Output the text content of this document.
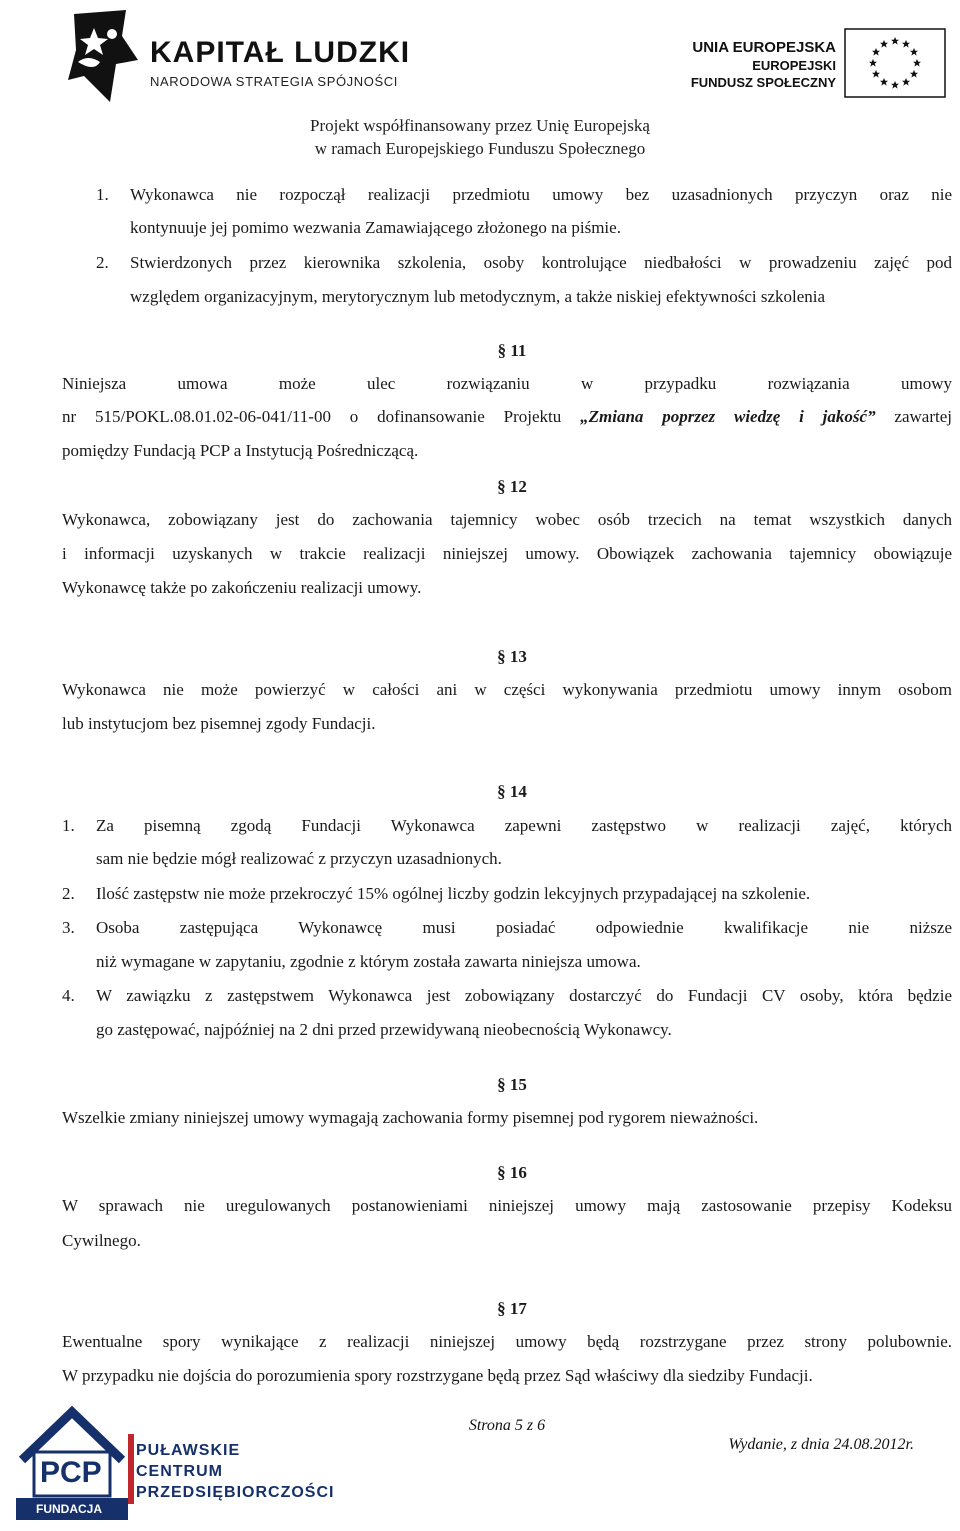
KAPITAŁ LUDZKI
NARODOWA STRATEGIA SPÓJNOŚCI
UNIA EUROPEJSKA
EUROPEJSKI
FUNDUSZ SPOŁECZNY
Projekt współfinansowany przez Unię Europejską
w ramach Europejskiego Funduszu Społecznego
1. Wykonawca nie rozpoczął realizacji przedmiotu umowy bez uzasadnionych przyczyn oraz nie
kontynuuje jej pomimo wezwania Zamawiającego złożonego na piśmie.
2. Stwierdzonych przez kierownika szkolenia, osoby kontrolujące niedbałości w prowadzeniu zajęć pod
względem organizacyjnym, merytorycznym lub metodycznym, a także niskiej efektywności szkolenia
§ 11
Niniejsza umowa może ulec rozwiązaniu w przypadku rozwiązania umowy
nr 515/POKL.08.01.02-06-041/11-00 o dofinansowanie Projektu „Zmiana poprzez wiedzę i jakość” zawartej
pomiędzy Fundacją PCP a Instytucją Pośredniczącą.
§ 12
Wykonawca, zobowiązany jest do zachowania tajemnicy wobec osób trzecich na temat wszystkich danych
i informacji uzyskanych w trakcie realizacji niniejszej umowy. Obowiązek zachowania tajemnicy obowiązuje
Wykonawcę także po zakończeniu realizacji umowy.
§ 13
Wykonawca nie może powierzyć w całości ani w części wykonywania przedmiotu umowy innym osobom
lub instytucjom bez pisemnej zgody Fundacji.
§ 14
1. Za pisemną zgodą Fundacji Wykonawca zapewni zastępstwo w realizacji zajęć, których
sam nie będzie mógł realizować z przyczyn uzasadnionych.
2. Ilość zastępstw nie może przekroczyć 15% ogólnej liczby godzin lekcyjnych przypadającej na szkolenie.
3. Osoba zastępująca Wykonawcę musi posiadać odpowiednie kwalifikacje nie niższe
niż wymagane w zapytaniu, zgodnie z którym została zawarta niniejsza umowa.
4. W zawiązku z zastępstwem Wykonawca jest zobowiązany dostarczyć do Fundacji CV osoby, która będzie
go zastępować, najpóźniej na 2 dni przed przewidywaną nieobecnością Wykonawcy.
§ 15
Wszelkie zmiany niniejszej umowy wymagają zachowania formy pisemnej pod rygorem nieważności.
§ 16
W sprawach nie uregulowanych postanowieniami niniejszej umowy mają zastosowanie przepisy Kodeksu
Cywilnego.
§ 17
Ewentualne spory wynikające z realizacji niniejszej umowy będą rozstrzygane przez strony polubownie.
W przypadku nie dojścia do porozumienia spory rozstrzygane będą przez Sąd właściwy dla siedziby Fundacji.
PCP
FUNDACJA
PUŁAWSKIE
CENTRUM
PRZEDSIĘBIORCZOŚCI
Strona 5 z 6
Wydanie, z dnia 24.08.2012r.
